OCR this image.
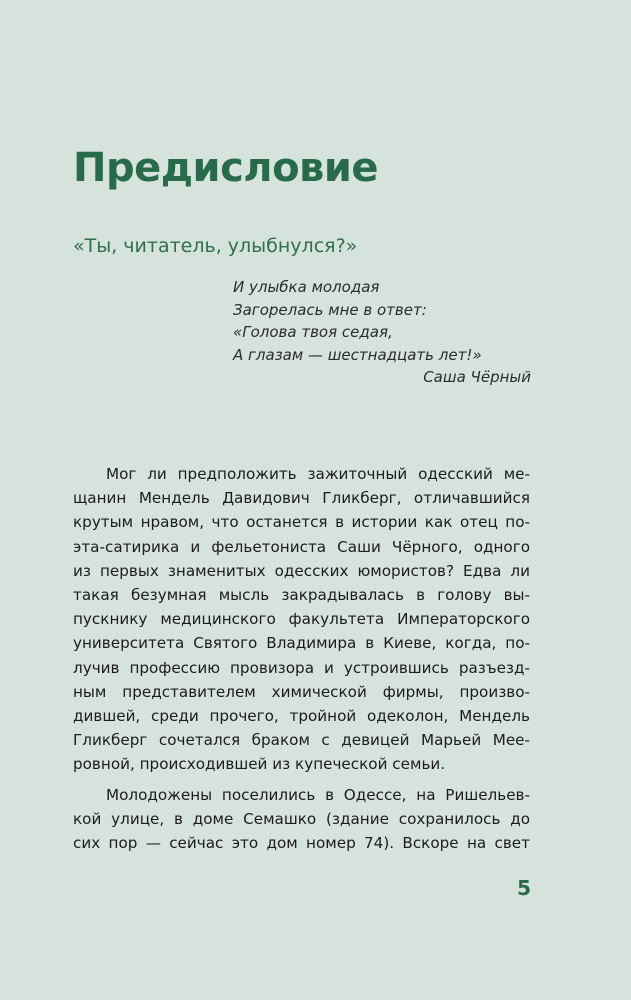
Предисловие
«Ты, читатель, улыбнулся?»
И улыбка молодая
Загорелась мне в ответ:
«Голова твоя седая,
А глазам — шестнадцать лет!»
Саша Чёрный

Мог ли предположить зажиточный одесский ме-
щанин Мендель Давидович Гликберг, отличавшийся
крутым нравом, что останется в истории как отец по-
эта-сатирика и фельетониста Саши Чёрного, одного
из первых знаменитых одесских юмористов? Едва ли
такая безумная мысль закрадывалась в голову вы-
пускнику медицинского факультета Императорского
университета Святого Владимира в Киеве, когда, по-
лучив профессию провизора и устроившись разъезд-
ным представителем химической фирмы, произво-
дившей, среди прочего, тройной одеколон, Мендель
Гликберг сочетался браком с девицей Марьей Мее-
ровной, происходившей из купеческой семьи.

Молодожены поселились в Одессе, на Ришельев-
кой улице, в доме Семашко (здание сохранилось до
сих пор — сейчас это дом номер 74). Вскоре на свет

5
